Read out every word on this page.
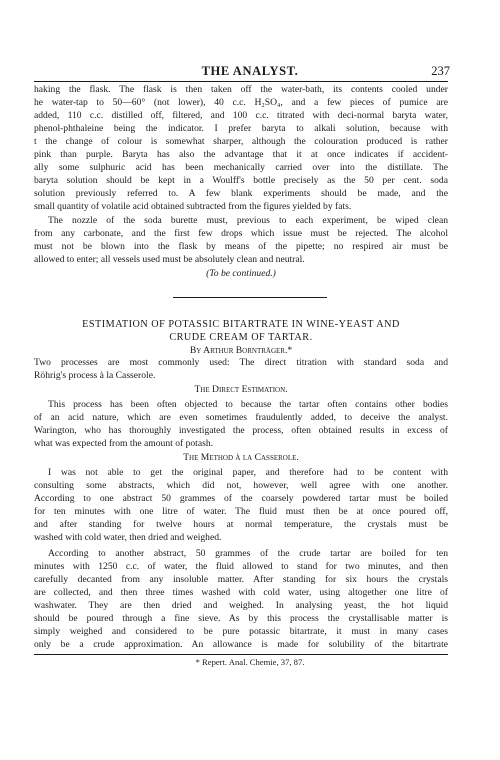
THE ANALYST.	237
haking the flask. The flask is then taken off the water-bath, its contents cooled under
he water-tap to 50—60° (not lower), 40 c.c. H₂SO₄, and a few pieces of pumice are
added, 110 c.c. distilled off, filtered, and 100 c.c. titrated with deci-normal baryta water,
phenol-phthaleine being the indicator. I prefer baryta to alkali solution, because with
t the change of colour is somewhat sharper, although the colouration produced is rather
pink than purple. Baryta has also the advantage that it at once indicates if accident-
ally some sulphuric acid has been mechanically carried over into the distillate. The
baryta solution should be kept in a Woulff's bottle precisely as the 50 per cent. soda
solution previously referred to. A few blank experiments should be made, and the
small quantity of volatile acid obtained subtracted from the figures yielded by fats.
The nozzle of the soda burette must, previous to each experiment, be wiped clean
from any carbonate, and the first few drops which issue must be rejected. The alcohol
must not be blown into the flask by means of the pipette; no respired air must be
allowed to enter; all vessels used must be absolutely clean and neutral.
(To be continued.)
ESTIMATION OF POTASSIC BITARTRATE IN WINE-YEAST AND
CRUDE CREAM OF TARTAR.
By Arthur Bornträger.*
Two processes are most commonly used: The direct titration with standard soda and
Röhrig's process à la Casserole.
The Direct Estimation.
This process has been often objected to because the tartar often contains other bodies
of an acid nature, which are even sometimes fraudulently added, to deceive the analyst.
Warington, who has thoroughly investigated the process, often obtained results in excess of
what was expected from the amount of potash.
The Method à la Casserole.
I was not able to get the original paper, and therefore had to be content with
consulting some abstracts, which did not, however, well agree with one another.
According to one abstract 50 grammes of the coarsely powdered tartar must be boiled
for ten minutes with one litre of water. The fluid must then be at once poured off,
and after standing for twelve hours at normal temperature, the crystals must be
washed with cold water, then dried and weighed.
According to another abstract, 50 grammes of the crude tartar are boiled for ten
minutes with 1250 c.c. of water, the fluid allowed to stand for two minutes, and then
carefully decanted from any insoluble matter. After standing for six hours the crystals
are collected, and then three times washed with cold water, using altogether one litre of
washwater. They are then dried and weighed. In analysing yeast, the hot liquid
should be poured through a fine sieve. As by this process the crystallisable matter is
simply weighed and considered to be pure potassic bitartrate, it must in many cases
only be a crude approximation. An allowance is made for solubility of the bitartrate
* Repert. Anal. Chemie, 37, 87.
